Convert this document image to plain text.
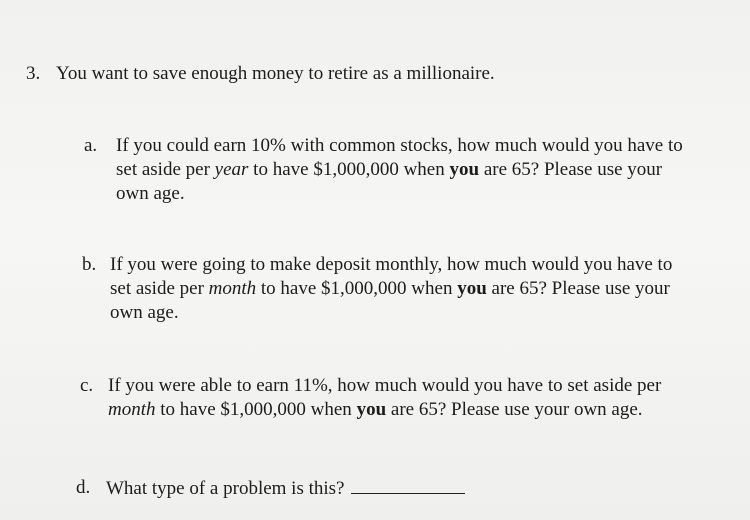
3. You want to save enough money to retire as a millionaire.
a. If you could earn 10% with common stocks, how much would you have to
set aside per year to have $1,000,000 when you are 65? Please use your
own age.
b. If you were going to make deposit monthly, how much would you have to
set aside per month to have $1,000,000 when you are 65? Please use your
own age.
c. If you were able to earn 11%, how much would you have to set aside per
month to have $1,000,000 when you are 65? Please use your own age.
d. What type of a problem is this?
